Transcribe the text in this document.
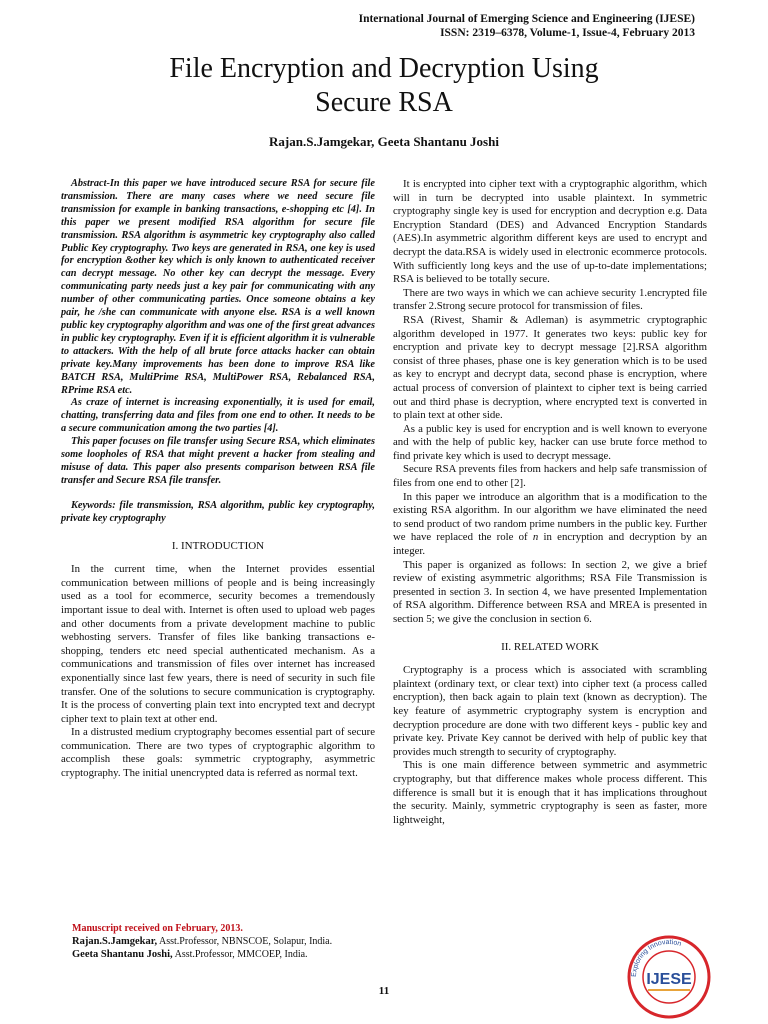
International Journal of Emerging Science and Engineering (IJESE)
ISSN: 2319–6378, Volume-1, Issue-4, February 2013
File Encryption and Decryption Using
Secure RSA
Rajan.S.Jamgekar, Geeta Shantanu Joshi

Abstract-In this paper we have introduced secure RSA for secure file transmission. There are many cases where we need secure file transmission for example in banking transactions, e-shopping etc [4]. In this paper we present modified RSA algorithm for secure file transmission. RSA algorithm is asymmetric key cryptography also called Public Key cryptography. Two keys are generated in RSA, one key is used for encryption &other key which is only known to authenticated receiver can decrypt message. No other key can decrypt the message. Every communicating party needs just a key pair for communicating with any number of other communicating parties. Once someone obtains a key pair, he /she can communicate with anyone else. RSA is a well known public key cryptography algorithm and was one of the first great advances in public key cryptography. Even if it is efficient algorithm it is vulnerable to attackers. With the help of all brute force attacks hacker can obtain private key.Many improvements has been done to improve RSA like BATCH RSA, MultiPrime RSA, MultiPower RSA, Rebalanced RSA, RPrime RSA etc.

As craze of internet is increasing exponentially, it is used for email, chatting, transferring data and files from one end to other. It needs to be a secure communication among the two parties [4].

This paper focuses on file transfer using Secure RSA, which eliminates some loopholes of RSA that might prevent a hacker from stealing and misuse of data. This paper also presents comparison between RSA file transfer and Secure RSA file transfer.

Keywords: file transmission, RSA algorithm, public key cryptography, private key cryptography

I. INTRODUCTION

In the current time, when the Internet provides essential communication between millions of people and is being increasingly used as a tool for ecommerce, security becomes a tremendously important issue to deal with. Internet is often used to upload web pages and other documents from a private development machine to public webhosting servers. Transfer of files like banking transactions e-shopping, tenders etc need special authenticated mechanism. As a communications and transmission of files over internet has increased exponentially since last few years, there is need of security in such file transfer. One of the solutions to secure communication is cryptography. It is the process of converting plain text into encrypted text and decrypt cipher text to plain text at other end.

In a distrusted medium cryptography becomes essential part of secure communication. There are two types of cryptographic algorithm to accomplish these goals: symmetric cryptography, asymmetric cryptography. The initial unencrypted data is referred as normal text.

It is encrypted into cipher text with a cryptographic algorithm, which will in turn be decrypted into usable plaintext. In symmetric cryptography single key is used for encryption and decryption e.g. Data Encryption Standard (DES) and Advanced Encryption Standards (AES).In asymmetric algorithm different keys are used to encrypt and decrypt the data.RSA is widely used in electronic ecommerce protocols. With sufficiently long keys and the use of up-to-date implementations; RSA is believed to be totally secure.

There are two ways in which we can achieve security 1.encrypted file transfer 2.Strong secure protocol for transmission of files.

RSA (Rivest, Shamir & Adleman) is asymmetric cryptographic algorithm developed in 1977. It generates two keys: public key for encryption and private key to decrypt message [2].RSA algorithm consist of three phases, phase one is key generation which is to be used as key to encrypt and decrypt data, second phase is encryption, where actual process of conversion of plaintext to cipher text is being carried out and third phase is decryption, where encrypted text is converted in to plain text at other side.

As a public key is used for encryption and is well known to everyone and with the help of public key, hacker can use brute force method to find private key which is used to decrypt message.

Secure RSA prevents files from hackers and help safe transmission of files from one end to other [2].

In this paper we introduce an algorithm that is a modification to the existing RSA algorithm. In our algorithm we have eliminated the need to send product of two random prime numbers in the public key. Further we have replaced the role of n in encryption and decryption by an integer.

This paper is organized as follows: In section 2, we give a brief review of existing asymmetric algorithms; RSA File Transmission is presented in section 3. In section 4, we have presented Implementation of RSA algorithm. Difference between RSA and MREA is presented in section 5; we give the conclusion in section 6.

II. RELATED WORK

Cryptography is a process which is associated with scrambling plaintext (ordinary text, or clear text) into cipher text (a process called encryption), then back again to plain text (known as decryption). The key feature of asymmetric cryptography system is encryption and decryption procedure are done with two different keys - public key and private key. Private Key cannot be derived with help of public key that provides much strength to security of cryptography.

This is one main difference between symmetric and asymmetric cryptography, but that difference makes whole process different. This difference is small but it is enough that it has implications throughout the security. Mainly, symmetric cryptography is seen as faster, more lightweight,

Manuscript received on February, 2013.
Rajan.S.Jamgekar, Asst.Professor, NBNSCOE, Solapur, India.
Geeta Shantanu Joshi, Asst.Professor, MMCOEP, India.
11
Exploring Innovation
IJESE
